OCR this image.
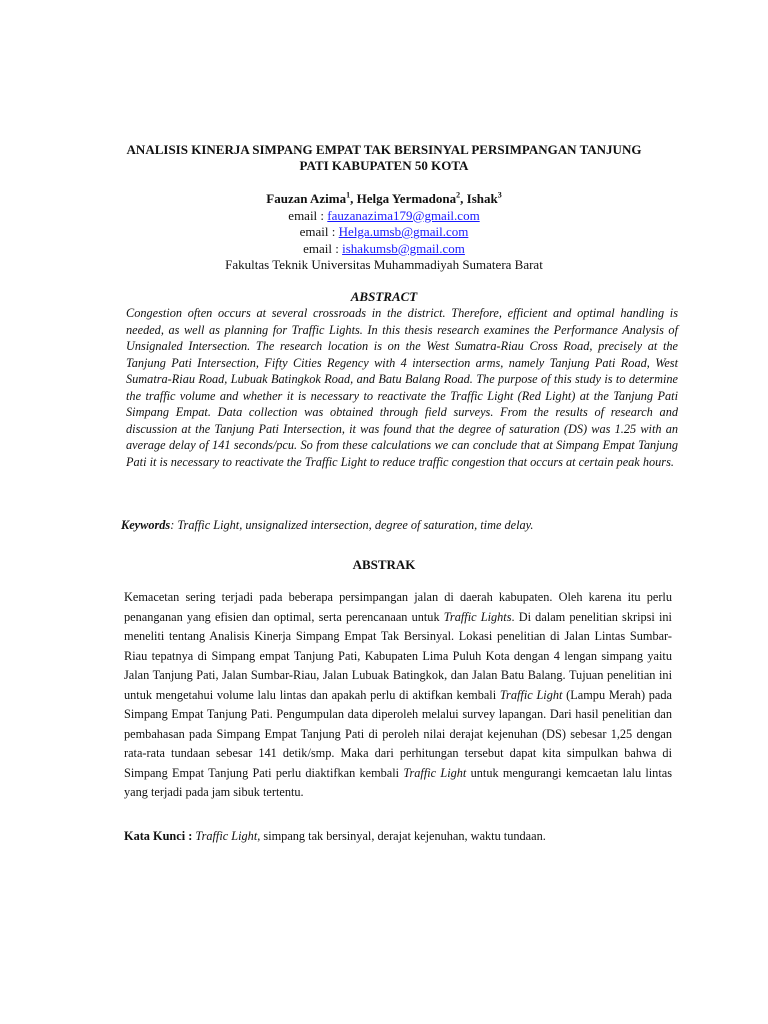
ANALISIS KINERJA SIMPANG EMPAT TAK BERSINYAL PERSIMPANGAN TANJUNG
PATI KABUPATEN 50 KOTA
Fauzan Azima$^1$, Helga Yermadona$^2$, Ishak$^3$
email : fauzanazima179@gmail.com
email : Helga.umsb@gmail.com
email : ishakumsb@gmail.com
Fakultas Teknik Universitas Muhammadiyah Sumatera Barat
ABSTRACT
Congestion often occurs at several crossroads in the district. Therefore, efficient and optimal handling is needed, as well as planning for Traffic Lights. In this thesis research examines the Performance Analysis of Unsignaled Intersection. The research location is on the West Sumatra-Riau Cross Road, precisely at the Tanjung Pati Intersection, Fifty Cities Regency with 4 intersection arms, namely Tanjung Pati Road, West Sumatra-Riau Road, Lubuak Batingkok Road, and Batu Balang Road. The purpose of this study is to determine the traffic volume and whether it is necessary to reactivate the Traffic Light (Red Light) at the Tanjung Pati Simpang Empat. Data collection was obtained through field surveys. From the results of research and discussion at the Tanjung Pati Intersection, it was found that the degree of saturation (DS) was 1.25 with an average delay of 141 seconds/pcu. So from these calculations we can conclude that at Simpang Empat Tanjung Pati it is necessary to reactivate the Traffic Light to reduce traffic congestion that occurs at certain peak hours.
Keywords: Traffic Light, unsignalized intersection, degree of saturation, time delay.
ABSTRAK
Kemacetan sering terjadi pada beberapa persimpangan jalan di daerah kabupaten. Oleh karena itu perlu penanganan yang efisien dan optimal, serta perencanaan untuk Traffic Lights. Di dalam penelitian skripsi ini meneliti tentang Analisis Kinerja Simpang Empat Tak Bersinyal. Lokasi penelitian di Jalan Lintas Sumbar-Riau tepatnya di Simpang empat Tanjung Pati, Kabupaten Lima Puluh Kota dengan 4 lengan simpang yaitu Jalan Tanjung Pati, Jalan Sumbar-Riau, Jalan Lubuak Batingkok, dan Jalan Batu Balang. Tujuan penelitian ini untuk mengetahui volume lalu lintas dan apakah perlu di aktifkan kembali Traffic Light (Lampu Merah) pada Simpang Empat Tanjung Pati. Pengumpulan data diperoleh melalui survey lapangan. Dari hasil penelitian dan pembahasan pada Simpang Empat Tanjung Pati di peroleh nilai derajat kejenuhan (DS) sebesar 1,25 dengan rata-rata tundaan sebesar 141 detik/smp. Maka dari perhitungan tersebut dapat kita simpulkan bahwa di Simpang Empat Tanjung Pati perlu diaktifkan kembali Traffic Light untuk mengurangi kemcaetan lalu lintas yang terjadi pada jam sibuk tertentu.
Kata Kunci : Traffic Light, simpang tak bersinyal, derajat kejenuhan, waktu tundaan.
